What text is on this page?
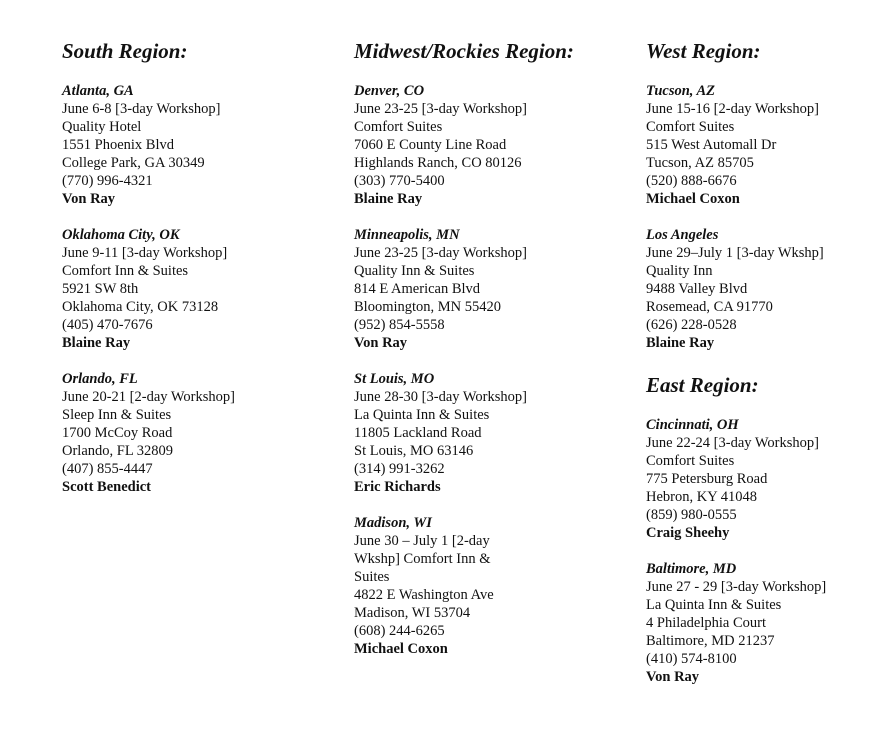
South Region:
Atlanta, GA
June 6-8 [3-day Workshop]
Quality Hotel
1551 Phoenix Blvd
College Park, GA 30349
(770) 996-4321
Von Ray
Oklahoma City, OK
June 9-11 [3-day Workshop]
Comfort Inn & Suites
5921 SW 8th
Oklahoma City, OK 73128
(405) 470-7676
Blaine Ray
Orlando, FL
June 20-21 [2-day Workshop]
Sleep Inn & Suites
1700 McCoy Road
Orlando, FL 32809
(407) 855-4447
Scott Benedict
Midwest/Rockies Region:
Denver, CO
June 23-25 [3-day Workshop]
Comfort Suites
7060 E County Line Road
Highlands Ranch, CO 80126
(303) 770-5400
Blaine Ray
Minneapolis, MN
June 23-25 [3-day Workshop]
Quality Inn & Suites
814 E American Blvd
Bloomington, MN 55420
(952) 854-5558
Von Ray
St Louis, MO
June 28-30 [3-day Workshop]
La Quinta Inn & Suites
11805 Lackland Road
St Louis, MO 63146
(314) 991-3262
Eric Richards
Madison, WI
June 30 – July 1 [2-day
Wkshp] Comfort Inn &
Suites
4822 E Washington Ave
Madison, WI 53704
(608) 244-6265
Michael Coxon
West Region:
Tucson, AZ
June 15-16 [2-day Workshop]
Comfort Suites
515 West Automall Dr
Tucson, AZ 85705
(520) 888-6676
Michael Coxon
Los Angeles
June 29–July 1 [3-day Wkshp]
Quality Inn
9488 Valley Blvd
Rosemead, CA 91770
(626) 228-0528
Blaine Ray
East Region:
Cincinnati, OH
June 22-24 [3-day Workshop]
Comfort Suites
775 Petersburg Road
Hebron, KY 41048
(859) 980-0555
Craig Sheehy
Baltimore, MD
June 27 - 29 [3-day Workshop]
La Quinta Inn & Suites
4 Philadelphia Court
Baltimore, MD 21237
(410) 574-8100
Von Ray
